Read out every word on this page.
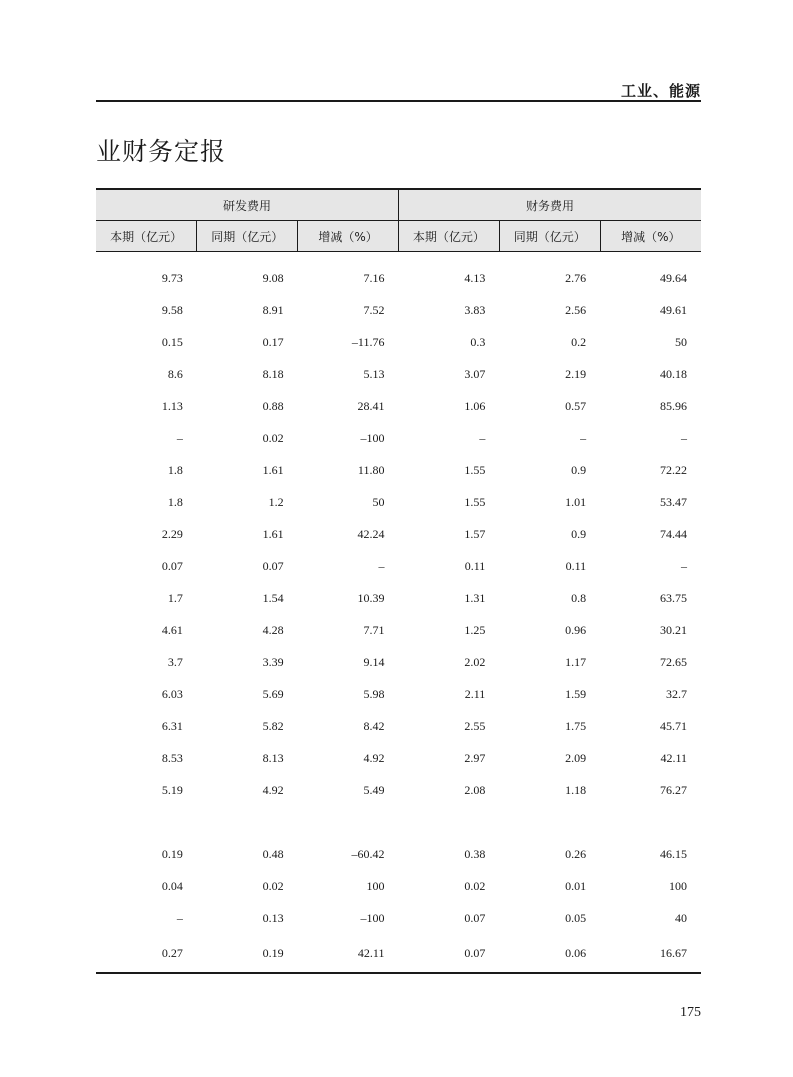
工业、能源
业财务定报
研发费用			财务费用		
本期（亿元）	同期（亿元）	增减（%）	本期（亿元）	同期（亿元）	增减（%）
9.73	9.08	7.16	4.13	2.76	49.64
9.58	8.91	7.52	3.83	2.56	49.61
0.15	0.17	–11.76	0.3	0.2	50
8.6	8.18	5.13	3.07	2.19	40.18
1.13	0.88	28.41	1.06	0.57	85.96
–	0.02	–100	–	–	–
1.8	1.61	11.80	1.55	0.9	72.22
1.8	1.2	50	1.55	1.01	53.47
2.29	1.61	42.24	1.57	0.9	74.44
0.07	0.07	–	0.11	0.11	–
1.7	1.54	10.39	1.31	0.8	63.75
4.61	4.28	7.71	1.25	0.96	30.21
3.7	3.39	9.14	2.02	1.17	72.65
6.03	5.69	5.98	2.11	1.59	32.7
6.31	5.82	8.42	2.55	1.75	45.71
8.53	8.13	4.92	2.97	2.09	42.11
5.19	4.92	5.49	2.08	1.18	76.27

0.19	0.48	–60.42	0.38	0.26	46.15
0.04	0.02	100	0.02	0.01	100
–	0.13	–100	0.07	0.05	40
0.27	0.19	42.11	0.07	0.06	16.67
175
